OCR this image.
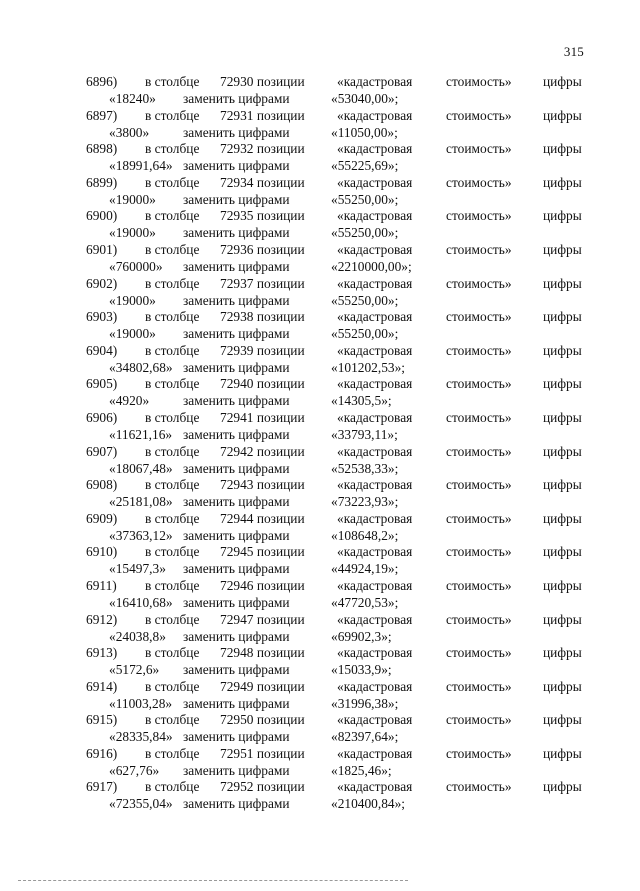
315
6896) в столбце 72930 позиции «кадастровая	стоимость» цифры
«18240» заменить цифрами	«53040,00»;
6897) в столбце 72931 позиции «кадастровая	стоимость» цифры
«3800»	заменить цифрами	«11050,00»;
6898) в столбце 72932 позиции «кадастровая	стоимость» цифры
«18991,64» заменить цифрами	«55225,69»;
6899) в столбце 72934 позиции «кадастровая	стоимость» цифры
«19000» заменить цифрами	«55250,00»;
6900) в столбце 72935 позиции «кадастровая	стоимость» цифры
«19000» заменить цифрами	«55250,00»;
6901) в столбце 72936 позиции «кадастровая	стоимость» цифры
«760000» заменить цифрами	«2210000,00»;
6902) в столбце 72937 позиции «кадастровая	стоимость» цифры
«19000» заменить цифрами	«55250,00»;
6903) в столбце 72938 позиции «кадастровая	стоимость» цифры
«19000» заменить цифрами	«55250,00»;
6904) в столбце 72939 позиции «кадастровая	стоимость» цифры
«34802,68» заменить цифрами	«101202,53»;
6905) в столбце 72940 позиции «кадастровая	стоимость» цифры
«4920»	заменить цифрами	«14305,5»;
6906) в столбце 72941 позиции «кадастровая	стоимость» цифры
«11621,16» заменить цифрами	«33793,11»;
6907) в столбце 72942 позиции «кадастровая	стоимость» цифры
«18067,48» заменить цифрами	«52538,33»;
6908) в столбце 72943 позиции «кадастровая	стоимость» цифры
«25181,08» заменить цифрами	«73223,93»;
6909) в столбце 72944 позиции «кадастровая	стоимость» цифры
«37363,12» заменить цифрами	«108648,2»;
6910) в столбце 72945 позиции «кадастровая	стоимость» цифры
«15497,3» заменить цифрами	«44924,19»;
6911) в столбце 72946 позиции «кадастровая	стоимость» цифры
«16410,68» заменить цифрами	«47720,53»;
6912) в столбце 72947 позиции «кадастровая	стоимость» цифры
«24038,8» заменить цифрами	«69902,3»;
6913) в столбце 72948 позиции «кадастровая	стоимость» цифры
«5172,6» заменить цифрами	«15033,9»;
6914) в столбце 72949 позиции «кадастровая	стоимость» цифры
«11003,28» заменить цифрами	«31996,38»;
6915) в столбце 72950 позиции «кадастровая	стоимость» цифры
«28335,84» заменить цифрами	«82397,64»;
6916) в столбце 72951 позиции «кадастровая	стоимость» цифры
«627,76» заменить цифрами	«1825,46»;
6917) в столбце 72952 позиции «кадастровая	стоимость» цифры
«72355,04» заменить цифрами	«210400,84»;
